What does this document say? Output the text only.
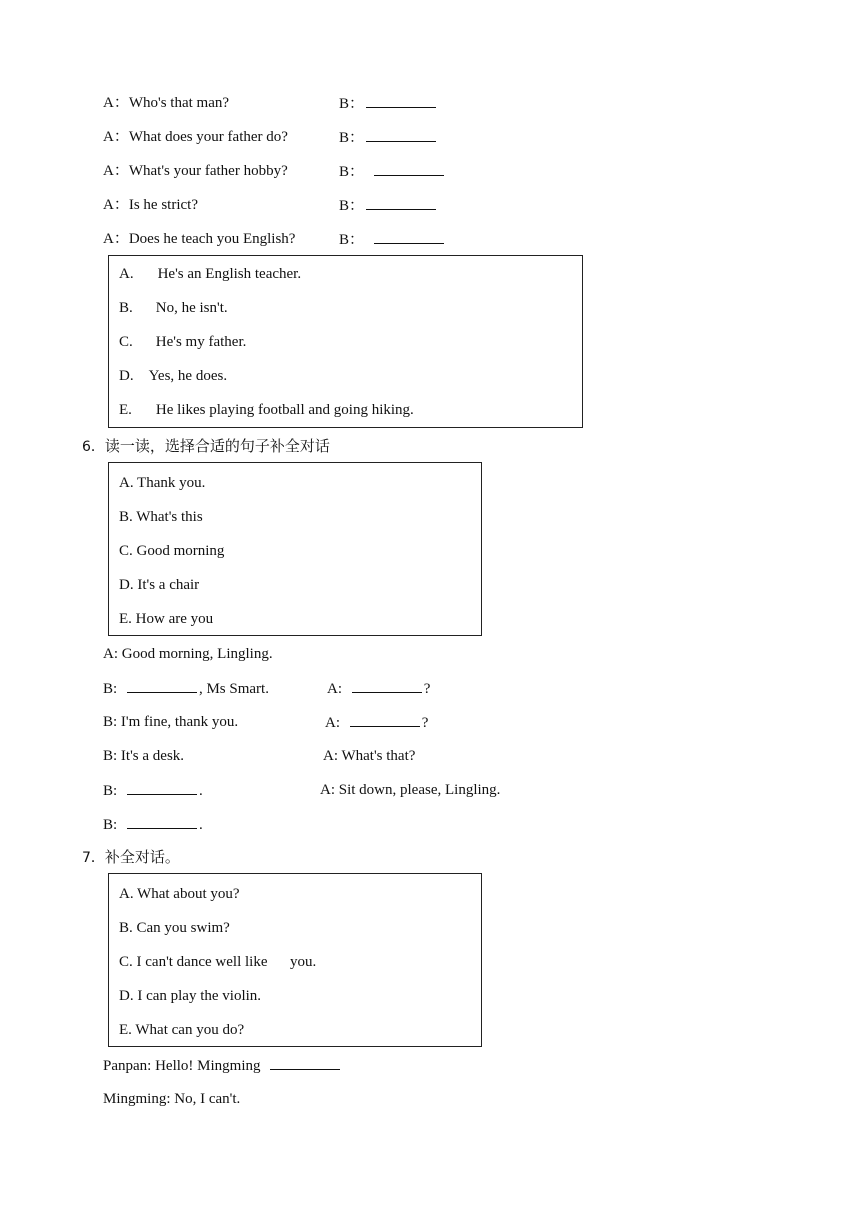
A：Who's that man?	B：
A：What does your father do?	B：
A：What's your father hobby?	B：
A：Is he strict?	B：
A：Does he teach you English?	B：
A. He's an English teacher.
B. No, he isn't.
C. He's my father.
D. Yes, he does.
E. He likes playing football and going hiking.
6．读一读，选择合适的句子补全对话
A. Thank you.
B. What's this
C. Good morning
D. It's a chair
E. How are you
A: Good morning, Lingling.
B:	, Ms Smart.	A:	?
B: I'm fine, thank you.	A:	?
B: It's a desk.	A: What's that?
B:	.	A: Sit down, please, Lingling.
B:	.
7．补全对话。
A. What about you?
B. Can you swim?
C. I can't dance well like      you.
D. I can play the violin.
E. What can you do?
Panpan: Hello! Mingming
Mingming: No, I can't.
